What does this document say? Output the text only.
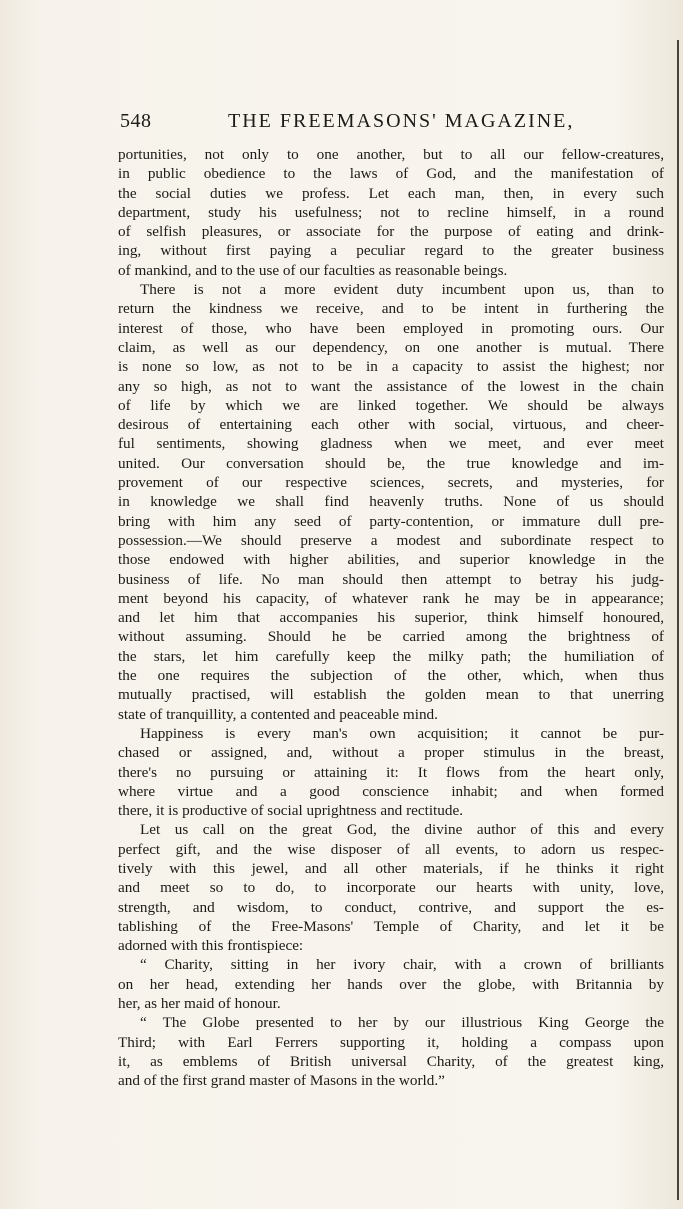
548	THE FREEMASONS' MAGAZINE,
portunities, not only to one another, but to all our fellow-creatures,
in public obedience to the laws of God, and the manifestation of
the social duties we profess. Let each man, then, in every such
department, study his usefulness; not to recline himself, in a round
of selfish pleasures, or associate for the purpose of eating and drink-
ing, without first paying a peculiar regard to the greater business
of mankind, and to the use of our faculties as reasonable beings.
There is not a more evident duty incumbent upon us, than to
return the kindness we receive, and to be intent in furthering the
interest of those, who have been employed in promoting ours. Our
claim, as well as our dependency, on one another is mutual. There
is none so low, as not to be in a capacity to assist the highest; nor
any so high, as not to want the assistance of the lowest in the chain
of life by which we are linked together. We should be always
desirous of entertaining each other with social, virtuous, and cheer-
ful sentiments, showing gladness when we meet, and ever meet
united. Our conversation should be, the true knowledge and im-
provement of our respective sciences, secrets, and mysteries, for
in knowledge we shall find heavenly truths. None of us should
bring with him any seed of party-contention, or immature dull pre-
possession.—We should preserve a modest and subordinate respect to
those endowed with higher abilities, and superior knowledge in the
business of life. No man should then attempt to betray his judg-
ment beyond his capacity, of whatever rank he may be in appearance;
and let him that accompanies his superior, think himself honoured,
without assuming. Should he be carried among the brightness of
the stars, let him carefully keep the milky path; the humiliation of
the one requires the subjection of the other, which, when thus
mutually practised, will establish the golden mean to that unerring
state of tranquillity, a contented and peaceable mind.
Happiness is every man's own acquisition; it cannot be pur-
chased or assigned, and, without a proper stimulus in the breast,
there's no pursuing or attaining it: It flows from the heart only,
where virtue and a good conscience inhabit; and when formed
there, it is productive of social uprightness and rectitude.
Let us call on the great God, the divine author of this and every
perfect gift, and the wise disposer of all events, to adorn us respec-
tively with this jewel, and all other materials, if he thinks it right
and meet so to do, to incorporate our hearts with unity, love,
strength, and wisdom, to conduct, contrive, and support the es-
tablishing of the Free-Masons' Temple of Charity, and let it be
adorned with this frontispiece:
“ Charity, sitting in her ivory chair, with a crown of brilliants
on her head, extending her hands over the globe, with Britannia by
her, as her maid of honour.
“ The Globe presented to her by our illustrious King George the
Third; with Earl Ferrers supporting it, holding a compass upon
it, as emblems of British universal Charity, of the greatest king,
and of the first grand master of Masons in the world.”
